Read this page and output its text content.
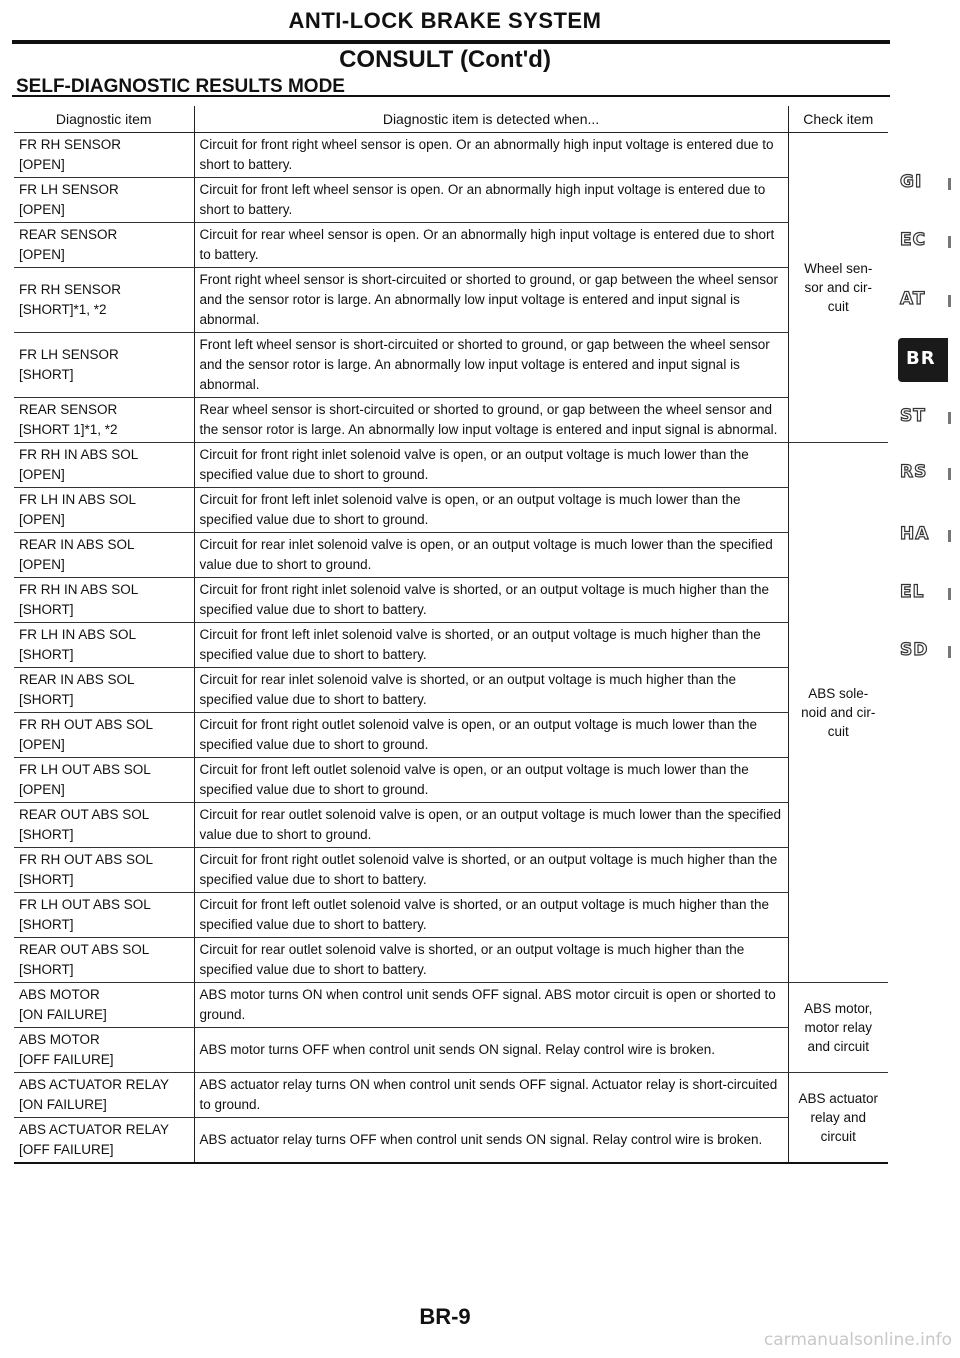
ANTI-LOCK BRAKE SYSTEM
CONSULT (Cont'd)
SELF-DIAGNOSTIC RESULTS MODE
Diagnostic item	Diagnostic item is detected when...	Check item
FR RH SENSOR
[OPEN]	Circuit for front right wheel sensor is open. Or an abnormally high input voltage is entered due to short to battery.	Wheel sen-
sor and cir-
cuit
FR LH SENSOR
[OPEN]	Circuit for front left wheel sensor is open. Or an abnormally high input voltage is entered due to short to battery.	
REAR SENSOR
[OPEN]	Circuit for rear wheel sensor is open. Or an abnormally high input voltage is entered due to short to battery.	
FR RH SENSOR
[SHORT]*1, *2	Front right wheel sensor is short-circuited or shorted to ground, or gap between the wheel sensor and the sensor rotor is large. An abnormally low input voltage is entered and input signal is abnormal.	
FR LH SENSOR
[SHORT]	Front left wheel sensor is short-circuited or shorted to ground, or gap between the wheel sensor and the sensor rotor is large. An abnormally low input voltage is entered and input signal is abnormal.	
REAR SENSOR
[SHORT 1]*1, *2	Rear wheel sensor is short-circuited or shorted to ground, or gap between the wheel sensor and the sensor rotor is large. An abnormally low input voltage is entered and input signal is abnormal.	
FR RH IN ABS SOL
[OPEN]	Circuit for front right inlet solenoid valve is open, or an output voltage is much lower than the specified value due to short to ground.	ABS sole-
noid and cir-
cuit
FR LH IN ABS SOL
[OPEN]	Circuit for front left inlet solenoid valve is open, or an output voltage is much lower than the specified value due to short to ground.	
REAR IN ABS SOL
[OPEN]	Circuit for rear inlet solenoid valve is open, or an output voltage is much lower than the specified value due to short to ground.	
FR RH IN ABS SOL
[SHORT]	Circuit for front right inlet solenoid valve is shorted, or an output voltage is much higher than the specified value due to short to battery.	
FR LH IN ABS SOL
[SHORT]	Circuit for front left inlet solenoid valve is shorted, or an output voltage is much higher than the specified value due to short to battery.	
REAR IN ABS SOL
[SHORT]	Circuit for rear inlet solenoid valve is shorted, or an output voltage is much higher than the specified value due to short to battery.	
FR RH OUT ABS SOL
[OPEN]	Circuit for front right outlet solenoid valve is open, or an output voltage is much lower than the specified value due to short to ground.	
FR LH OUT ABS SOL
[OPEN]	Circuit for front left outlet solenoid valve is open, or an output voltage is much lower than the specified value due to short to ground.	
REAR OUT ABS SOL
[SHORT]	Circuit for rear outlet solenoid valve is open, or an output voltage is much lower than the specified value due to short to ground.	
FR RH OUT ABS SOL
[SHORT]	Circuit for front right outlet solenoid valve is shorted, or an output voltage is much higher than the specified value due to short to battery.	
FR LH OUT ABS SOL
[SHORT]	Circuit for front left outlet solenoid valve is shorted, or an output voltage is much higher than the specified value due to short to battery.	
REAR OUT ABS SOL
[SHORT]	Circuit for rear outlet solenoid valve is shorted, or an output voltage is much higher than the specified value due to short to battery.	
ABS MOTOR
[ON FAILURE]	ABS motor turns ON when control unit sends OFF signal. ABS motor circuit is open or shorted to ground.	ABS motor,
motor relay
and circuit
ABS MOTOR
[OFF FAILURE]	ABS motor turns OFF when control unit sends ON signal. Relay control wire is broken.	
ABS ACTUATOR RELAY
[ON FAILURE]	ABS actuator relay turns ON when control unit sends OFF signal. Actuator relay is short-circuited to ground.	ABS actuator
relay and
circuit
ABS ACTUATOR RELAY
[OFF FAILURE]	ABS actuator relay turns OFF when control unit sends ON signal. Relay control wire is broken.	
GI
EC
AT
BR
ST
RS
HA
EL
SD
BR-9
carmanualsonline.info
